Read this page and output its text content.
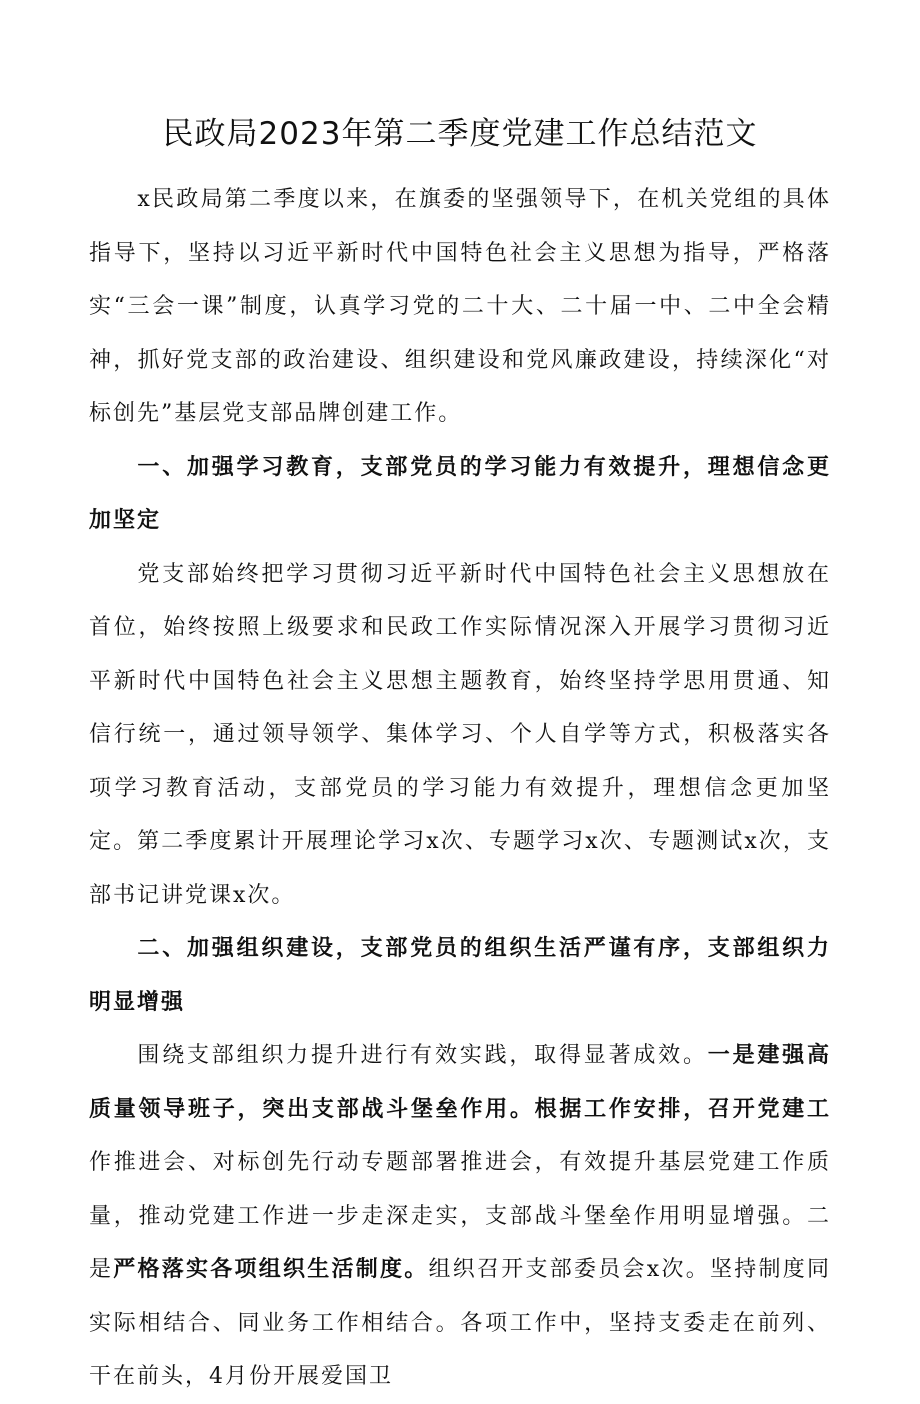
民政局2023年第二季度党建工作总结范文

x民政局第二季度以来，在旗委的坚强领导下，在机关党组的具体指导下，坚持以习近平新时代中国特色社会主义思想为指导，严格落实“三会一课”制度，认真学习党的二十大、二十届一中、二中全会精神，抓好党支部的政治建设、组织建设和党风廉政建设，持续深化“对标创先”基层党支部品牌创建工作。

一、加强学习教育，支部党员的学习能力有效提升，理想信念更加坚定

党支部始终把学习贯彻习近平新时代中国特色社会主义思想放在首位，始终按照上级要求和民政工作实际情况深入开展学习贯彻习近平新时代中国特色社会主义思想主题教育，始终坚持学思用贯通、知信行统一，通过领导领学、集体学习、个人自学等方式，积极落实各项学习教育活动，支部党员的学习能力有效提升，理想信念更加坚定。第二季度累计开展理论学习x次、专题学习x次、专题测试x次，支部书记讲党课x次。

二、加强组织建设，支部党员的组织生活严谨有序，支部组织力明显增强

围绕支部组织力提升进行有效实践，取得显著成效。一是建强高质量领导班子，突出支部战斗堡垒作用。根据工作安排，召开党建工作推进会、对标创先行动专题部署推进会，有效提升基层党建工作质量，推动党建工作进一步走深走实，支部战斗堡垒作用明显增强。二是严格落实各项组织生活制度。组织召开支部委员会x次。坚持制度同实际相结合、同业务工作相结合。各项工作中，坚持支委走在前列、干在前头，4月份开展爱国卫
